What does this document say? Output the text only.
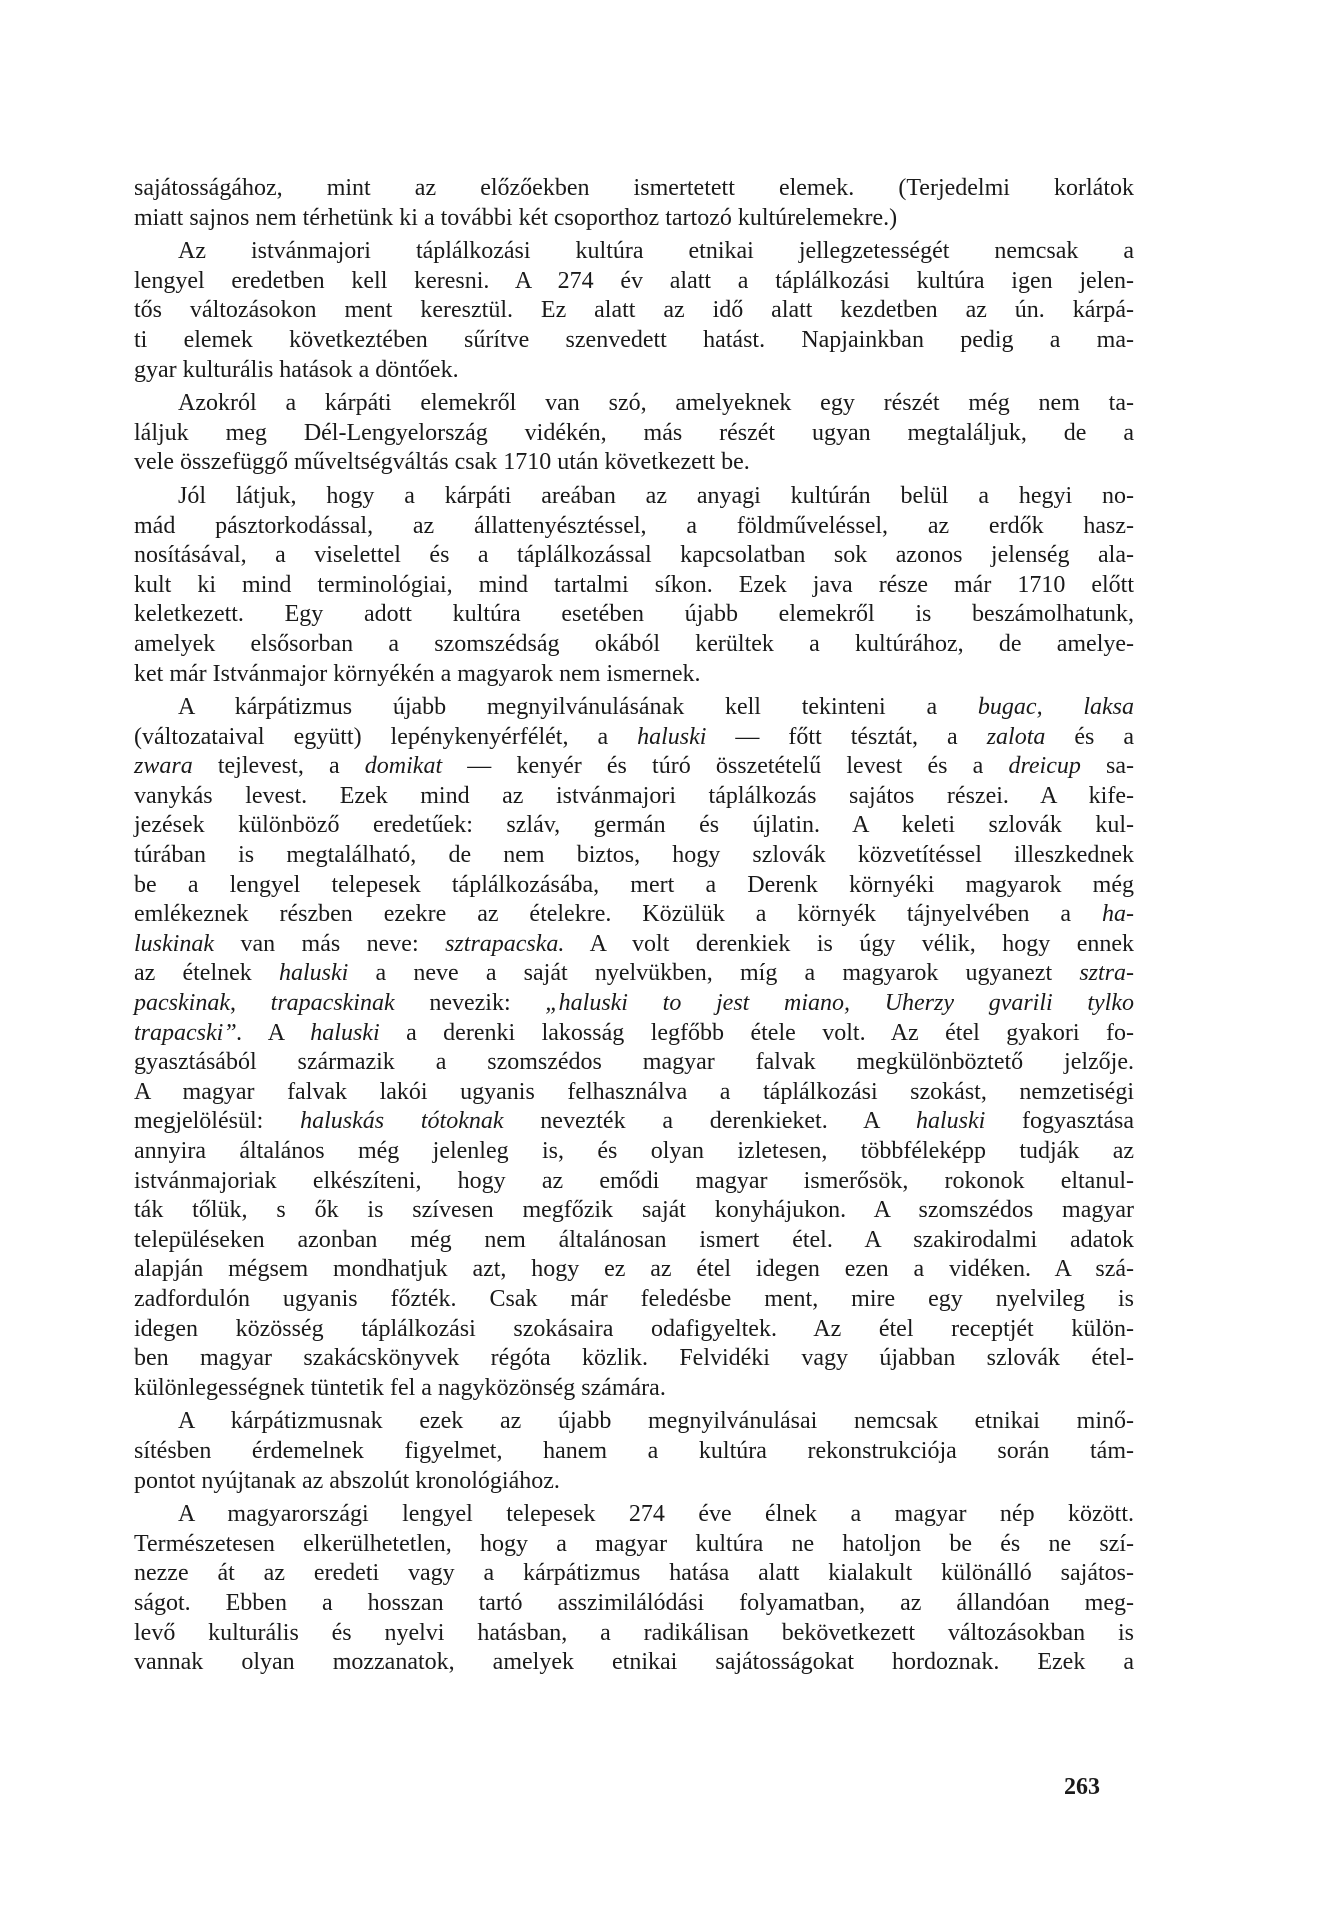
sajátosságához, mint az előzőekben ismertetett elemek. (Terjedelmi korlátok
miatt sajnos nem térhetünk ki a további két csoporthoz tartozó kultúrelemekre.)

Az istvánmajori táplálkozási kultúra etnikai jellegzetességét nemcsak a
lengyel eredetben kell keresni. A 274 év alatt a táplálkozási kultúra igen jelen-
tős változásokon ment keresztül. Ez alatt az idő alatt kezdetben az ún. kárpá-
ti elemek következtében sűrítve szenvedett hatást. Napjainkban pedig a ma-
gyar kulturális hatások a döntőek.

Azokról a kárpáti elemekről van szó, amelyeknek egy részét még nem ta-
láljuk meg Dél-Lengyelország vidékén, más részét ugyan megtaláljuk, de a
vele összefüggő műveltségváltás csak 1710 után következett be.

Jól látjuk, hogy a kárpáti areában az anyagi kultúrán belül a hegyi no-
mád pásztorkodással, az állattenyésztéssel, a földműveléssel, az erdők hasz-
nosításával, a viselettel és a táplálkozással kapcsolatban sok azonos jelenség ala-
kult ki mind terminológiai, mind tartalmi síkon. Ezek java része már 1710 előtt
keletkezett. Egy adott kultúra esetében újabb elemekről is beszámolhatunk,
amelyek elsősorban a szomszédság okából kerültek a kultúrához, de amelye-
ket már Istvánmajor környékén a magyarok nem ismernek.

A kárpátizmus újabb megnyilvánulásának kell tekinteni a bugac, laksa
(változataival együtt) lepénykenyérfélét, a haluski — főtt tésztát, a zalota és a
zwara tejlevest, a domikat — kenyér és túró összetételű levest és a dreicup sa-
vanykás levest. Ezek mind az istvánmajori táplálkozás sajátos részei. A kife-
jezések különböző eredetűek: szláv, germán és újlatin. A keleti szlovák kul-
túrában is megtalálható, de nem biztos, hogy szlovák közvetítéssel illeszkednek
be a lengyel telepesek táplálkozásába, mert a Derenk környéki magyarok még
emlékeznek részben ezekre az ételekre. Közülük a környék tájnyelvében a ha-
luskinak van más neve: sztrapacska. A volt derenkiek is úgy vélik, hogy ennek
az ételnek haluski a neve a saját nyelvükben, míg a magyarok ugyanezt sztra-
pacskinak, trapacskinak nevezik: „haluski to jest miano, Uherzy gvarili tylko
trapacski”. A haluski a derenki lakosság legfőbb étele volt. Az étel gyakori fo-
gyasztásából származik a szomszédos magyar falvak megkülönböztető jelzője.
A magyar falvak lakói ugyanis felhasználva a táplálkozási szokást, nemzetiségi
megjelölésül: haluskás tótoknak nevezték a derenkieket. A haluski fogyasztása
annyira általános még jelenleg is, és olyan izletesen, többféleképp tudják az
istvánmajoriak elkészíteni, hogy az emődi magyar ismerősök, rokonok eltanul-
ták tőlük, s ők is szívesen megfőzik saját konyhájukon. A szomszédos magyar
településeken azonban még nem általánosan ismert étel. A szakirodalmi adatok
alapján mégsem mondhatjuk azt, hogy ez az étel idegen ezen a vidéken. A szá-
zadfordulón ugyanis főzték. Csak már feledésbe ment, mire egy nyelvileg is
idegen közösség táplálkozási szokásaira odafigyeltek. Az étel receptjét külön-
ben magyar szakácskönyvek régóta közlik. Felvidéki vagy újabban szlovák étel-
különlegességnek tüntetik fel a nagyközönség számára.

A kárpátizmusnak ezek az újabb megnyilvánulásai nemcsak etnikai minő-
sítésben érdemelnek figyelmet, hanem a kultúra rekonstrukciója során tám-
pontot nyújtanak az abszolút kronológiához.

A magyarországi lengyel telepesek 274 éve élnek a magyar nép között.
Természetesen elkerülhetetlen, hogy a magyar kultúra ne hatoljon be és ne szí-
nezze át az eredeti vagy a kárpátizmus hatása alatt kialakult különálló sajátos-
ságot. Ebben a hosszan tartó asszimilálódási folyamatban, az állandóan meg-
levő kulturális és nyelvi hatásban, a radikálisan bekövetkezett változásokban is
vannak olyan mozzanatok, amelyek etnikai sajátosságokat hordoznak. Ezek a

263
